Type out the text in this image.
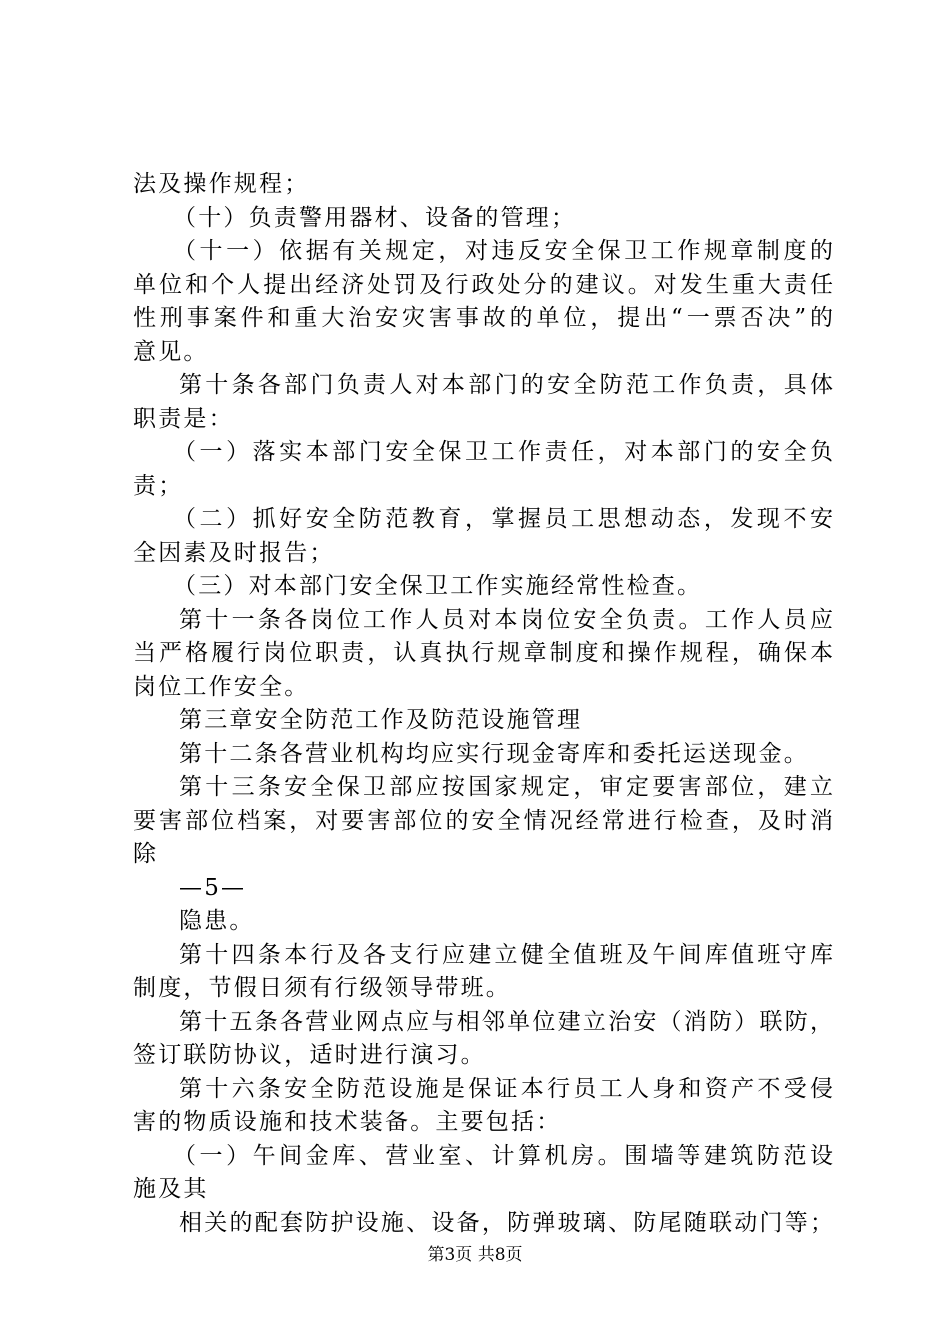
法及操作规程；
（十）负责警用器材、设备的管理；
（十一）依据有关规定，对违反安全保卫工作规章制度的
单位和个人提出经济处罚及行政处分的建议。对发生重大责任
性刑事案件和重大治安灾害事故的单位，提出“一票否决”的
意见。
第十条各部门负责人对本部门的安全防范工作负责，具体
职责是：
（一）落实本部门安全保卫工作责任，对本部门的安全负
责；
（二）抓好安全防范教育，掌握员工思想动态，发现不安
全因素及时报告；
（三）对本部门安全保卫工作实施经常性检查。
第十一条各岗位工作人员对本岗位安全负责。工作人员应
当严格履行岗位职责，认真执行规章制度和操作规程，确保本
岗位工作安全。
第三章安全防范工作及防范设施管理
第十二条各营业机构均应实行现金寄库和委托运送现金。
第十三条安全保卫部应按国家规定，审定要害部位，建立
要害部位档案，对要害部位的安全情况经常进行检查，及时消
除
—5—
隐患。
第十四条本行及各支行应建立健全值班及午间库值班守库
制度，节假日须有行级领导带班。
第十五条各营业网点应与相邻单位建立治安（消防）联防，
签订联防协议，适时进行演习。
第十六条安全防范设施是保证本行员工人身和资产不受侵
害的物质设施和技术装备。主要包括：
（一）午间金库、营业室、计算机房。围墙等建筑防范设
施及其
相关的配套防护设施、设备，防弹玻璃、防尾随联动门等；
第3页 共8页
